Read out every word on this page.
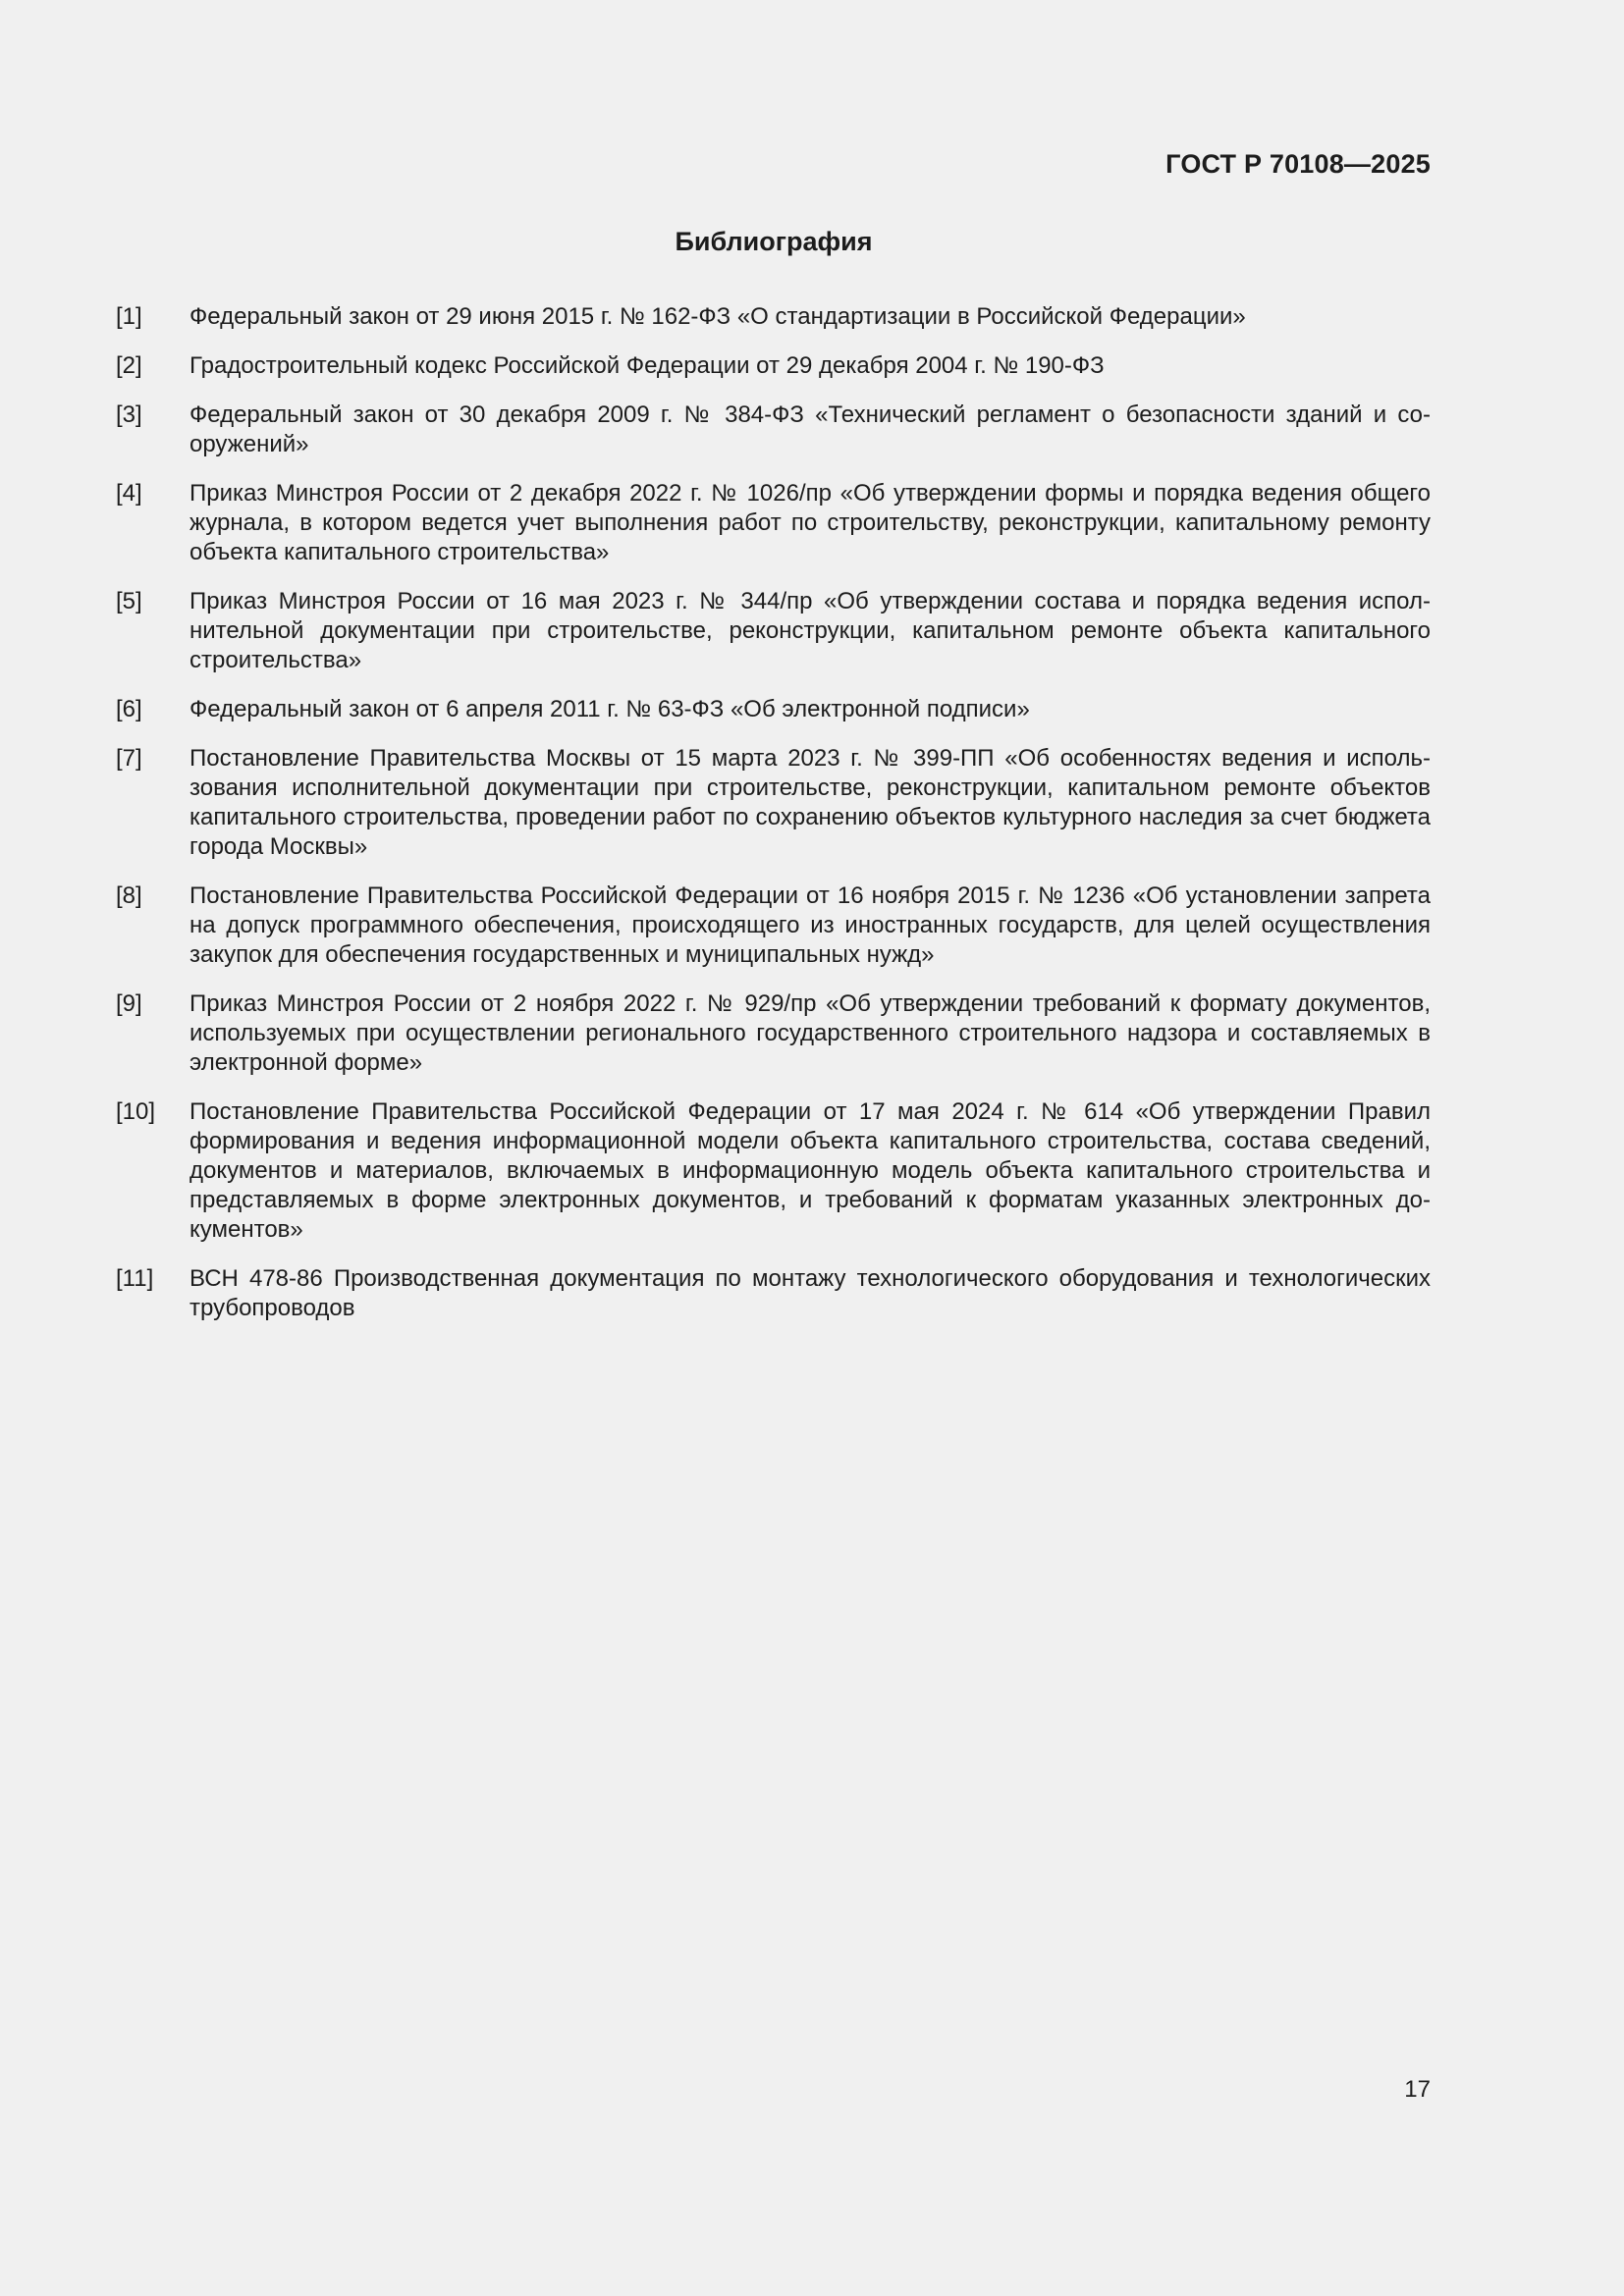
ГОСТ Р 70108—2025
Библиография
[1]	Федеральный закон от 29 июня 2015 г. № 162-ФЗ «О стандартизации в Российской Федерации»
[2]	Градостроительный кодекс Российской Федерации от 29 декабря 2004 г. № 190-ФЗ
[3]	Федеральный закон от 30 декабря 2009 г. № 384-ФЗ «Технический регламент о безопасности зданий и сооружений»
[4]	Приказ Минстроя России от 2 декабря 2022 г. № 1026/пр «Об утверждении формы и порядка ведения общего журнала, в котором ведется учет выполнения работ по строительству, реконструкции, капитальному ремонту объекта капитального строительства»
[5]	Приказ Минстроя России от 16 мая 2023 г. № 344/пр «Об утверждении состава и порядка ведения исполнительной документации при строительстве, реконструкции, капитальном ремонте объекта капитального строительства»
[6]	Федеральный закон от 6 апреля 2011 г. № 63-ФЗ «Об электронной подписи»
[7]	Постановление Правительства Москвы от 15 марта 2023 г. № 399-ПП «Об особенностях ведения и использования исполнительной документации при строительстве, реконструкции, капитальном ремонте объектов капитального строительства, проведении работ по сохранению объектов культурного наследия за счет бюджета города Москвы»
[8]	Постановление Правительства Российской Федерации от 16 ноября 2015 г. № 1236 «Об установлении запрета на допуск программного обеспечения, происходящего из иностранных государств, для целей осуществления закупок для обеспечения государственных и муниципальных нужд»
[9]	Приказ Минстроя России от 2 ноября 2022 г. № 929/пр «Об утверждении требований к формату документов, используемых при осуществлении регионального государственного строительного надзора и составляемых в электронной форме»
[10]	Постановление Правительства Российской Федерации от 17 мая 2024 г. № 614 «Об утверждении Правил формирования и ведения информационной модели объекта капитального строительства, состава сведений, документов и материалов, включаемых в информационную модель объекта капитального строительства и представляемых в форме электронных документов, и требований к форматам указанных электронных документов»
[11]	ВСН 478-86 Производственная документация по монтажу технологического оборудования и технологических трубопроводов
17
